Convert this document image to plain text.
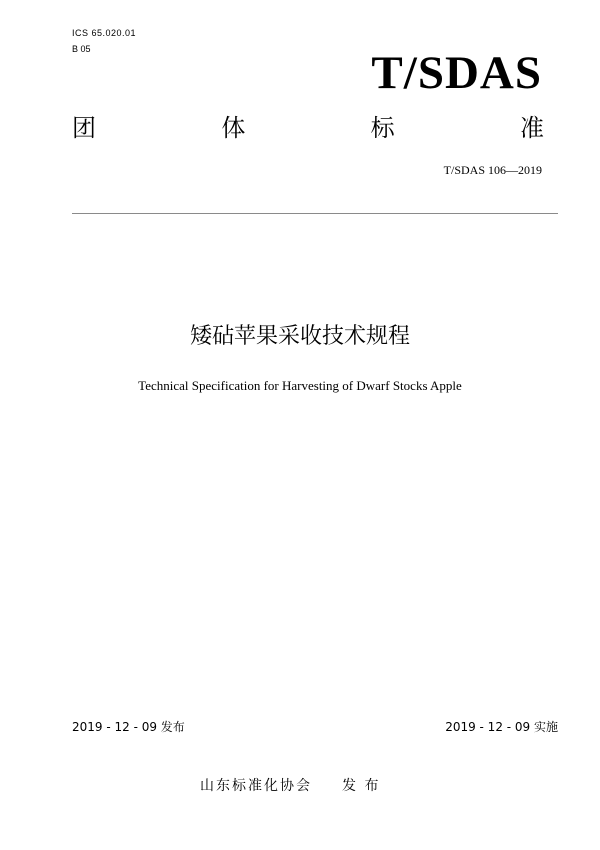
ICS 65.020.01
B 05	T/SDAS
团	体	标	准
T/SDAS 106—2019
矮砧苹果采收技术规程
Technical Specification for Harvesting of Dwarf Stocks Apple
2019 - 12 - 09 发布	2019 - 12 - 09 实施
山东标准化协会 发 布
